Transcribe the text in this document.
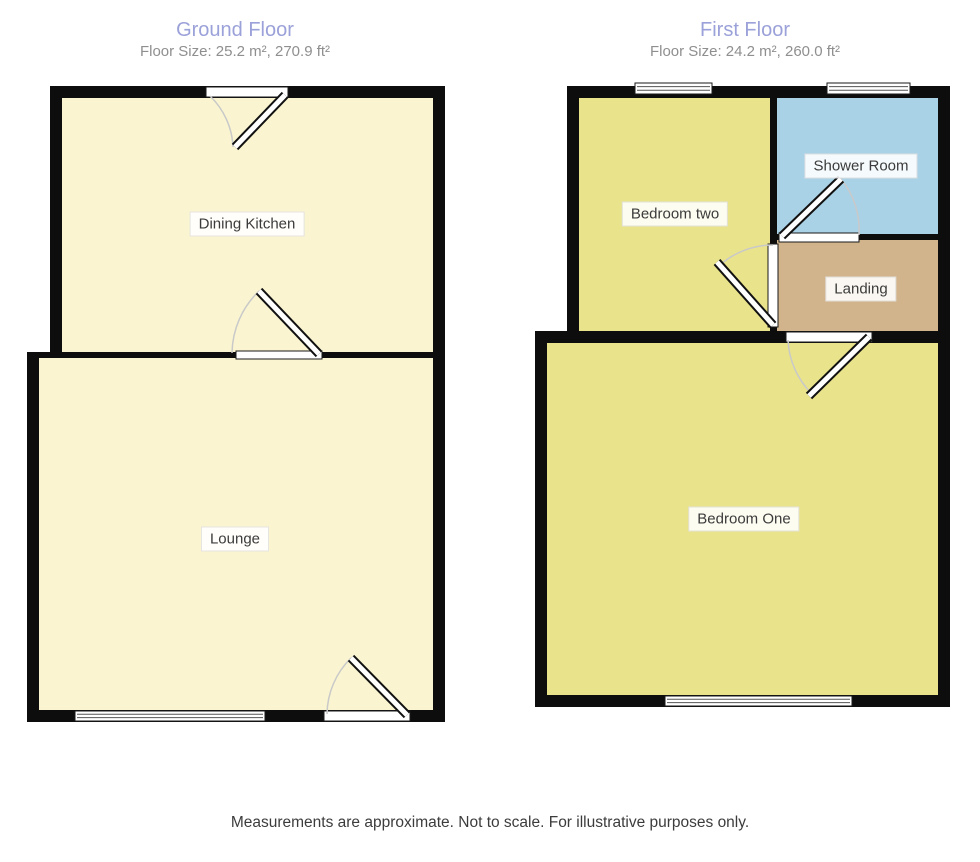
Ground Floor
Floor Size: 25.2 m², 270.9 ft²
First Floor
Floor Size: 24.2 m², 260.0 ft²
Dining Kitchen
Lounge
Bedroom two
Shower Room
Landing
Bedroom One
Measurements are approximate. Not to scale. For illustrative purposes only.
